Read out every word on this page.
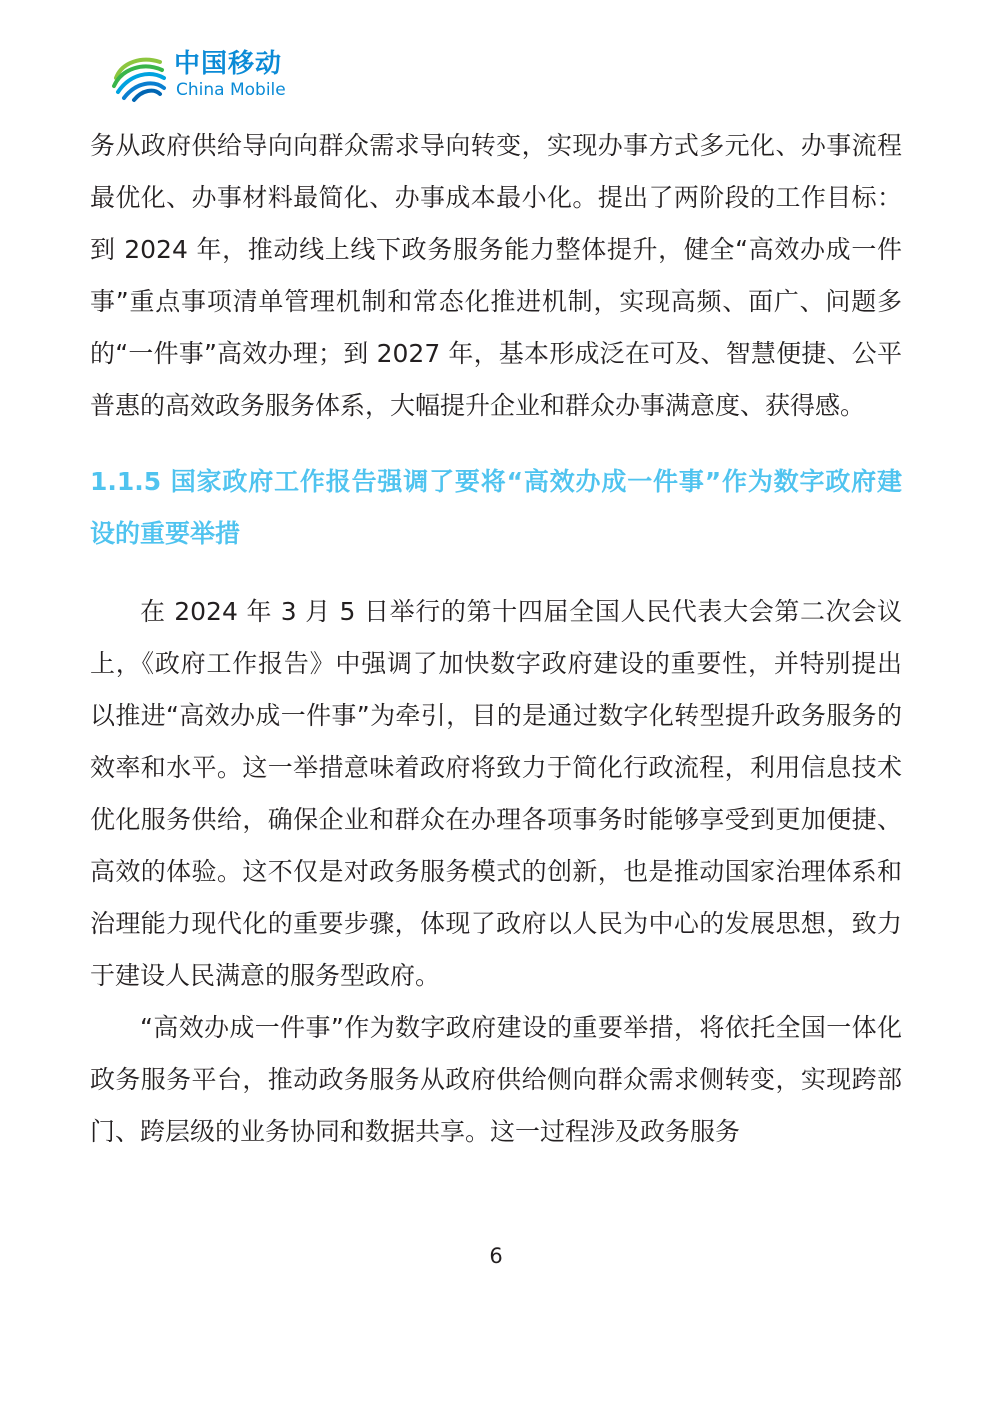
中国移动
China Mobile

务从政府供给导向向群众需求导向转变，实现办事方式多元化、办事流程最优化、办事材料最简化、办事成本最小化。提出了两阶段的工作目标：到 2024 年，推动线上线下政务服务能力整体提升，健全“高效办成一件事”重点事项清单管理机制和常态化推进机制，实现高频、面广、问题多的“一件事”高效办理；到 2027 年，基本形成泛在可及、智慧便捷、公平普惠的高效政务服务体系，大幅提升企业和群众办事满意度、获得感。

1.1.5 国家政府工作报告强调了要将“高效办成一件事”作为数字政府建设的重要举措

在 2024 年 3 月 5 日举行的第十四届全国人民代表大会第二次会议上，《政府工作报告》中强调了加快数字政府建设的重要性，并特别提出以推进“高效办成一件事”为牵引，目的是通过数字化转型提升政务服务的效率和水平。这一举措意味着政府将致力于简化行政流程，利用信息技术优化服务供给，确保企业和群众在办理各项事务时能够享受到更加便捷、高效的体验。这不仅是对政务服务模式的创新，也是推动国家治理体系和治理能力现代化的重要步骤，体现了政府以人民为中心的发展思想，致力于建设人民满意的服务型政府。

“高效办成一件事”作为数字政府建设的重要举措，将依托全国一体化政务服务平台，推动政务服务从政府供给侧向群众需求侧转变，实现跨部门、跨层级的业务协同和数据共享。这一过程涉及政务服务

6
